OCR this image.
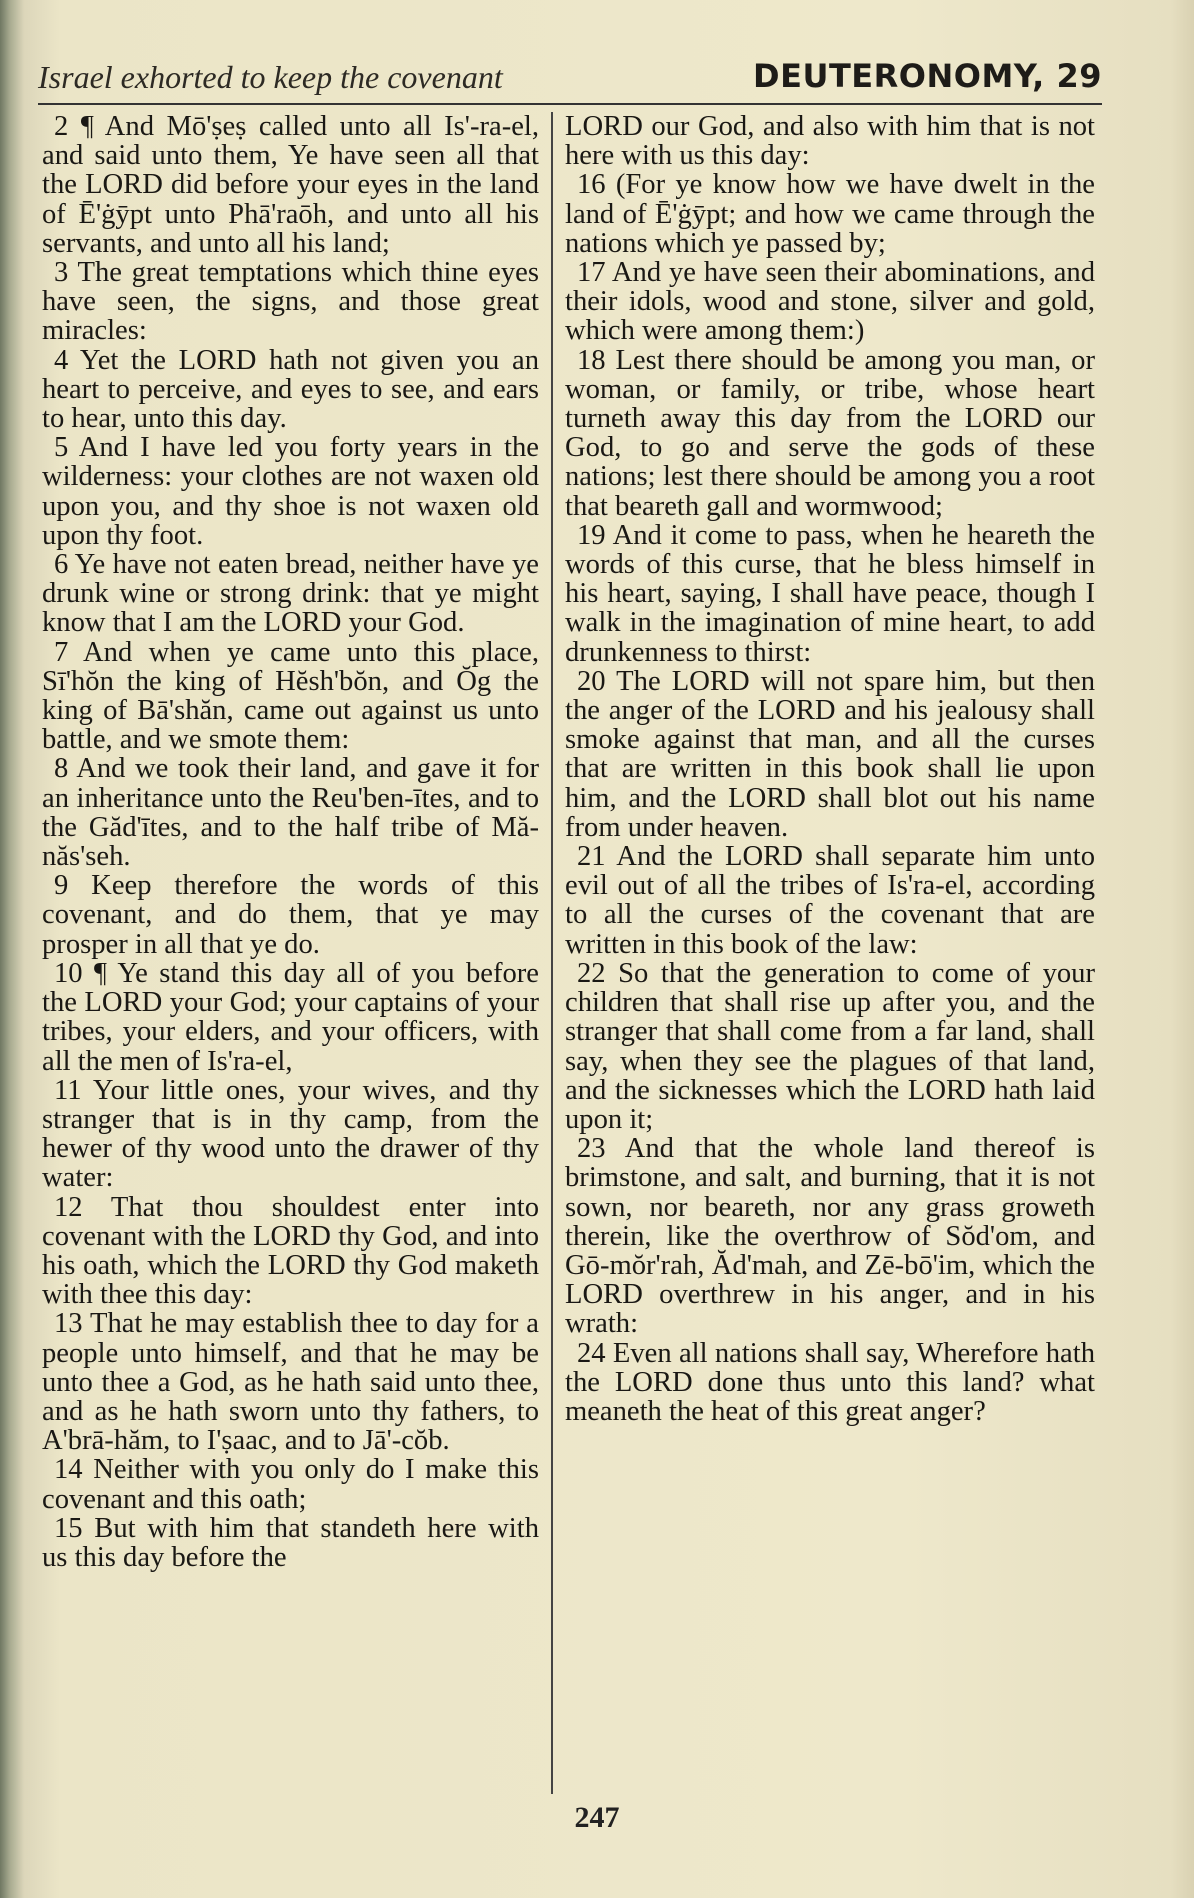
Israel exhorted to keep the covenant	DEUTERONOMY, 29

2 ¶ And Mō'ṣeṣ called unto all Is'-ra-el, and said unto them, Ye have seen all that the LORD did before your eyes in the land of Ē'ġȳpt unto Phā'raōh, and unto all his servants, and unto all his land;

3 The great temptations which thine eyes have seen, the signs, and those great miracles:

4 Yet the LORD hath not given you an heart to perceive, and eyes to see, and ears to hear, unto this day.

5 And I have led you forty years in the wilderness: your clothes are not waxen old upon you, and thy shoe is not waxen old upon thy foot.

6 Ye have not eaten bread, neither have ye drunk wine or strong drink: that ye might know that I am the LORD your God.

7 And when ye came unto this place, Sī'hŏn the king of Hĕsh'bŏn, and Ŏg the king of Bā'shăn, came out against us unto battle, and we smote them:

8 And we took their land, and gave it for an inheritance unto the Reu'ben-ītes, and to the Găd'ītes, and to the half tribe of Mă-năs'seh.

9 Keep therefore the words of this covenant, and do them, that ye may prosper in all that ye do.

10 ¶ Ye stand this day all of you before the LORD your God; your captains of your tribes, your elders, and your officers, with all the men of Is'ra-el,

11 Your little ones, your wives, and thy stranger that is in thy camp, from the hewer of thy wood unto the drawer of thy water:

12 That thou shouldest enter into covenant with the LORD thy God, and into his oath, which the LORD thy God maketh with thee this day:

13 That he may establish thee to day for a people unto himself, and that he may be unto thee a God, as he hath said unto thee, and as he hath sworn unto thy fathers, to A'brā-hăm, to I'ṣaac, and to Jā'-cŏb.

14 Neither with you only do I make this covenant and this oath;

15 But with him that standeth here with us this day before the

LORD our God, and also with him that is not here with us this day:

16 (For ye know how we have dwelt in the land of Ē'ġȳpt; and how we came through the nations which ye passed by;

17 And ye have seen their abominations, and their idols, wood and stone, silver and gold, which were among them:)

18 Lest there should be among you man, or woman, or family, or tribe, whose heart turneth away this day from the LORD our God, to go and serve the gods of these nations; lest there should be among you a root that beareth gall and wormwood;

19 And it come to pass, when he heareth the words of this curse, that he bless himself in his heart, saying, I shall have peace, though I walk in the imagination of mine heart, to add drunkenness to thirst:

20 The LORD will not spare him, but then the anger of the LORD and his jealousy shall smoke against that man, and all the curses that are written in this book shall lie upon him, and the LORD shall blot out his name from under heaven.

21 And the LORD shall separate him unto evil out of all the tribes of Is'ra-el, according to all the curses of the covenant that are written in this book of the law:

22 So that the generation to come of your children that shall rise up after you, and the stranger that shall come from a far land, shall say, when they see the plagues of that land, and the sicknesses which the LORD hath laid upon it;

23 And that the whole land thereof is brimstone, and salt, and burning, that it is not sown, nor beareth, nor any grass groweth therein, like the overthrow of Sŏd'om, and Gō-mŏr'rah, Ăd'mah, and Zē-bō'im, which the LORD overthrew in his anger, and in his wrath:

24 Even all nations shall say, Wherefore hath the LORD done thus unto this land? what meaneth the heat of this great anger?

247
